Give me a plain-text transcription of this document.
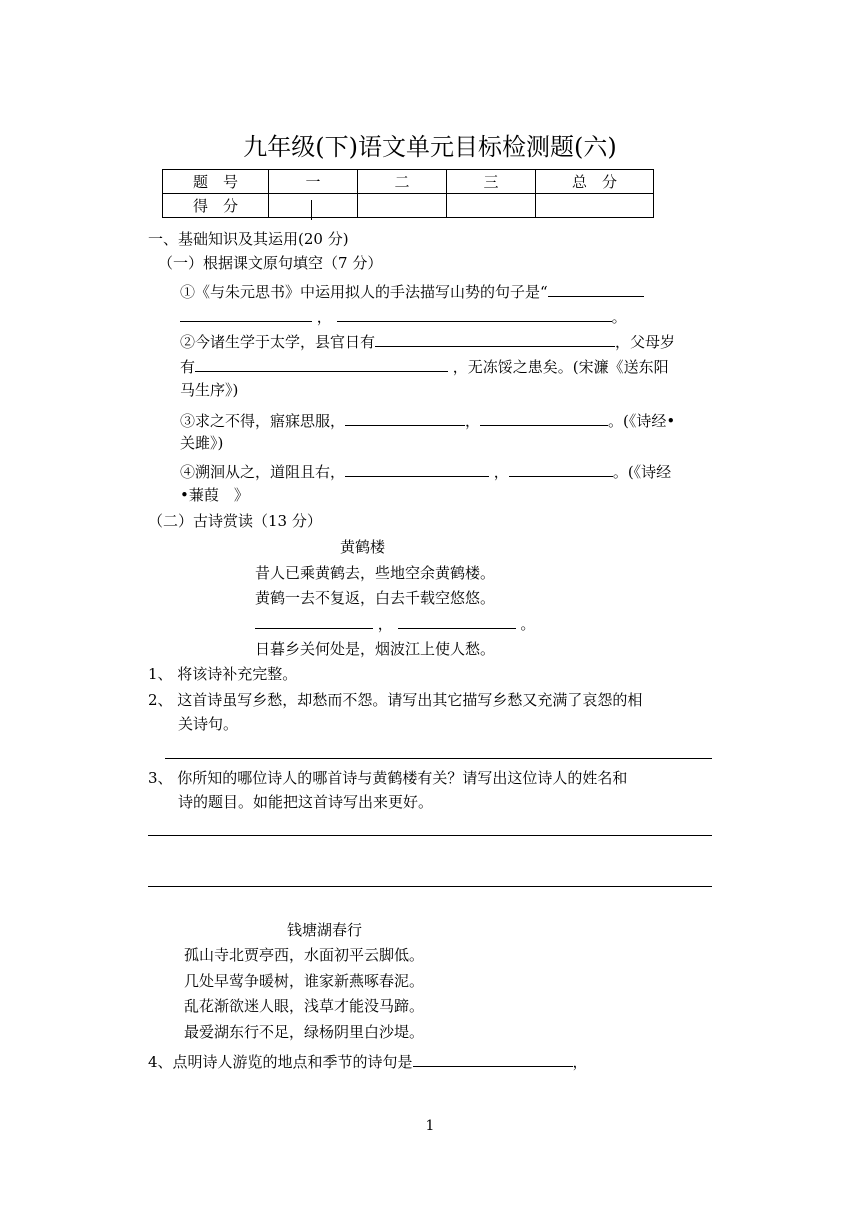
九年级(下)语文单元目标检测题(六)
题　号	一	二	三	总　分
得　分				
一、基础知识及其运用(20 分)
（一）根据课文原句填空（7 分）
①《与朱元思书》中运用拟人的手法描写山势的句子是“
，	。
②今诸生学于太学，县官日有	，父母岁
有	，无冻馁之患矣。(宋濂《送东阳
马生序》)
③求之不得，寤寐思服，	，	。(《诗经•
关雎》)
④溯洄从之，道阻且右，	，	。(《诗经
•蒹葭　》
（二）古诗赏读（13 分）
黄鹤楼
昔人已乘黄鹤去，些地空余黄鹤楼。
黄鹤一去不复返，白去千载空悠悠。
，	。
日暮乡关何处是，烟波江上使人愁。
1、 将该诗补充完整。
2、 这首诗虽写乡愁，却愁而不怨。请写出其它描写乡愁又充满了哀怨的相
关诗句。
3、 你所知的哪位诗人的哪首诗与黄鹤楼有关？请写出这位诗人的姓名和
诗的题目。如能把这首诗写出来更好。
钱塘湖春行
孤山寺北贾亭西，水面初平云脚低。
几处早莺争暖树，谁家新燕啄春泥。
乱花渐欲迷人眼，浅草才能没马蹄。
最爱湖东行不足，绿杨阴里白沙堤。
4、点明诗人游览的地点和季节的诗句是	，
1
